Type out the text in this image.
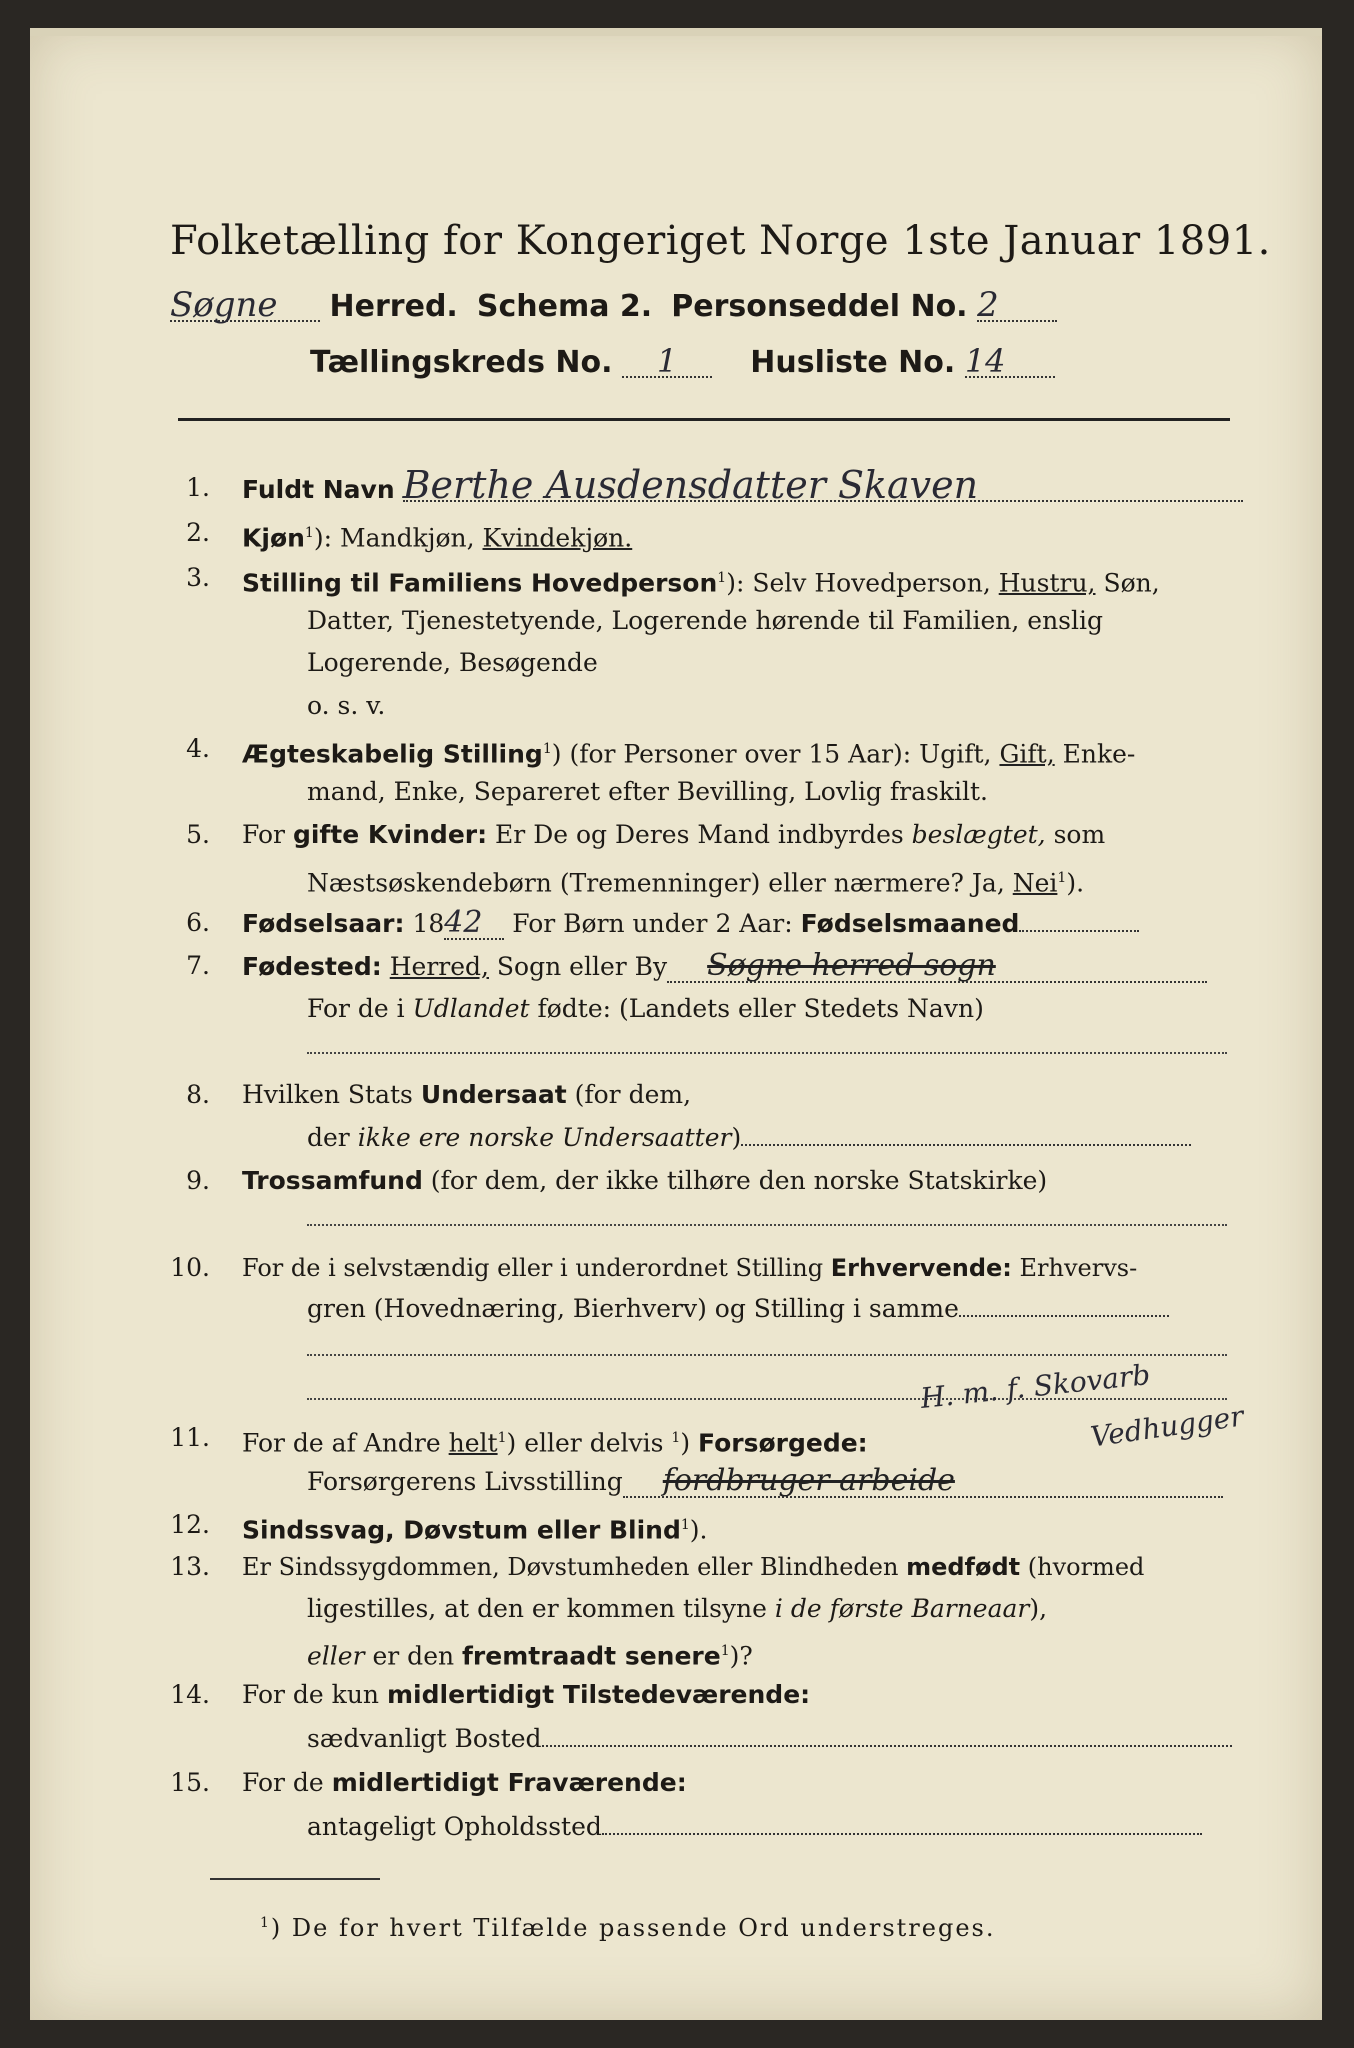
Folketælling for Kongeriget Norge 1ste Januar 1891.
Søgne Herred. Schema 2. Personseddel No. 2
Tællingskreds No. 1 Husliste No. 14
1. Fuldt Navn Berthe Ausdensdatter Skaven
2. Kjøn$^1$): Mandkjøn, Kvindekjøn.
3. Stilling til Familiens Hovedperson$^1$): Selv Hovedperson, Hustru, Søn,
Datter, Tjenestetyende, Logerende hørende til Familien, enslig
Logerende, Besøgende
o. s. v.
4. Ægteskabelig Stilling$^1$) (for Personer over 15 Aar): Ugift, Gift, Enke-
mand, Enke, Separeret efter Bevilling, Lovlig fraskilt.
5. For gifte Kvinder: Er De og Deres Mand indbyrdes beslægtet, som
Næstsøskendebørn (Tremenninger) eller nærmere? Ja, Nei$^1$).
6. Fødselsaar: 1842 For Børn under 2 Aar: Fødselsmaaned
7. Fødested: Herred, Sogn eller By Søgne herred sogn
For de i Udlandet fødte: (Landets eller Stedets Navn)
8. Hvilken Stats Undersaat (for dem,
der ikke ere norske Undersaatter)
9. Trossamfund (for dem, der ikke tilhøre den norske Statskirke)
10. For de i selvstændig eller i underordnet Stilling Erhvervende: Erhvervs-
gren (Hovednæring, Bierhverv) og Stilling i samme
H. m. f. Skovarb
Vedhugger
11. For de af Andre helt$^1$) eller delvis $^1$) Forsørgede:
Forsørgerens Livsstilling fordbruger arbeide
12. Sindssvag, Døvstum eller Blind$^1$).
13. Er Sindssygdommen, Døvstumheden eller Blindheden medfødt (hvormed
ligestilles, at den er kommen tilsyne i de første Barneaar),
eller er den fremtraadt senere$^1$)?
14. For de kun midlertidigt Tilstedeværende:
sædvanligt Bosted
15. For de midlertidigt Fraværende:
antageligt Opholdssted
$^1$) De for hvert Tilfælde passende Ord understreges.
